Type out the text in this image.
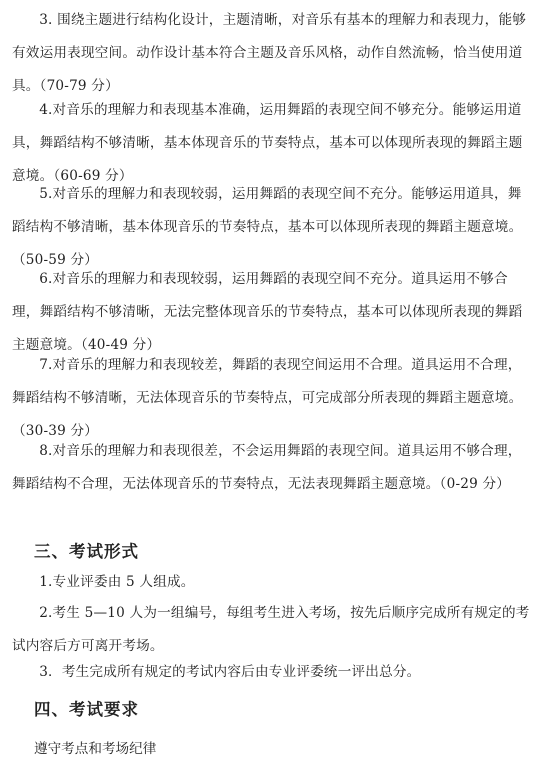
3. 围绕主题进行结构化设计，主题清晰，对音乐有基本的理解力和表现力，能够有效运用表现空间。动作设计基本符合主题及音乐风格，动作自然流畅，恰当使用道具。（70-79 分）

4.对音乐的理解力和表现基本准确，运用舞蹈的表现空间不够充分。能够运用道具，舞蹈结构不够清晰，基本体现音乐的节奏特点，基本可以体现所表现的舞蹈主题意境。（60-69 分）

5.对音乐的理解力和表现较弱，运用舞蹈的表现空间不充分。能够运用道具，舞蹈结构不够清晰，基本体现音乐的节奏特点，基本可以体现所表现的舞蹈主题意境。（50-59 分）

6.对音乐的理解力和表现较弱，运用舞蹈的表现空间不充分。道具运用不够合理，舞蹈结构不够清晰，无法完整体现音乐的节奏特点，基本可以体现所表现的舞蹈主题意境。（40-49 分）

7.对音乐的理解力和表现较差，舞蹈的表现空间运用不合理。道具运用不合理，舞蹈结构不够清晰，无法体现音乐的节奏特点，可完成部分所表现的舞蹈主题意境。（30-39 分）

8.对音乐的理解力和表现很差，不会运用舞蹈的表现空间。道具运用不够合理，舞蹈结构不合理，无法体现音乐的节奏特点，无法表现舞蹈主题意境。（0-29 分）

三、考试形式

1.专业评委由 5 人组成。

2.考生 5—10 人为一组编号，每组考生进入考场，按先后顺序完成所有规定的考试内容后方可离开考场。

3．考生完成所有规定的考试内容后由专业评委统一评出总分。

四、考试要求

遵守考点和考场纪律
